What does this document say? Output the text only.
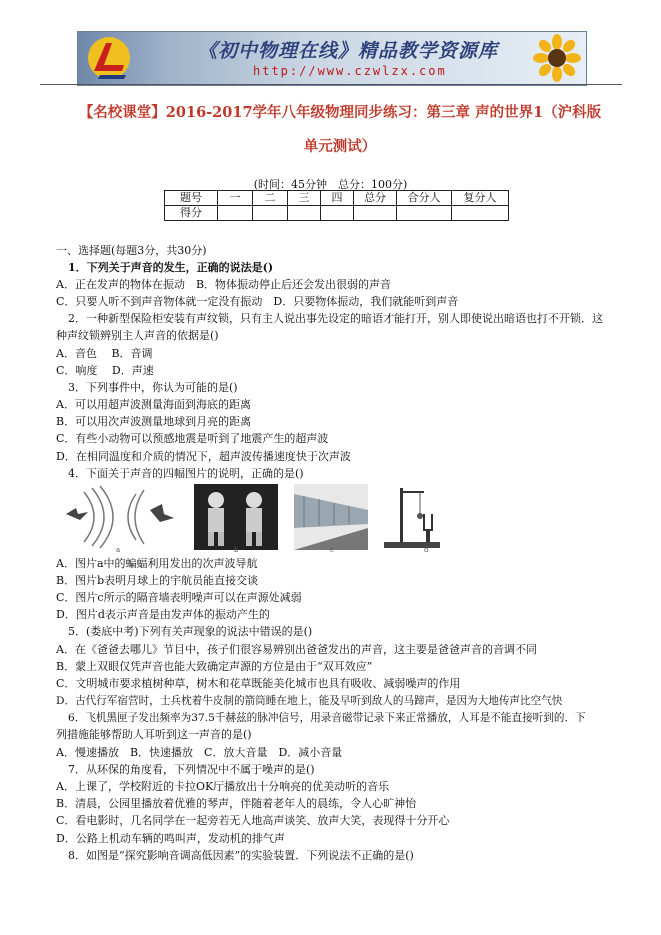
《初中物理在线》精品教学资源库
http://www.czwlzx.com
【名校课堂】2016-2017学年八年级物理同步练习：第三章 声的世界1（沪科版
单元测试）
(时间：45分钟　总分：100分)
题号	一	二	三	四	总分	合分人	复分人
得分							
一、选择题(每题3分，共30分)
1．下列关于声音的发生，正确的说法是()
A．正在发声的物体在振动　B．物体振动停止后还会发出很弱的声音
C．只要人听不到声音物体就一定没有振动　D．只要物体振动，我们就能听到声音
2．一种新型保险柜安装有声纹锁，只有主人说出事先设定的暗语才能打开，别人即使说出暗语也打不开锁．这
种声纹锁辨别主人声音的依据是()
A．音色　 B．音调
C．响度　 D．声速
3．下列事件中，你认为可能的是()
A．可以用超声波测量海面到海底的距离
B．可以用次声波测量地球到月亮的距离
C．有些小动物可以预感地震是听到了地震产生的超声波
D．在相同温度和介质的情况下，超声波传播速度快于次声波
4．下面关于声音的四幅图片的说明，正确的是()
a	b	c	d
A．图片a中的蝙蝠利用发出的次声波导航
B．图片b表明月球上的宇航员能直接交谈
C．图片c所示的隔音墙表明噪声可以在声源处减弱
D．图片d表示声音是由发声体的振动产生的
5．(娄底中考)下列有关声现象的说法中错误的是()
A．在《爸爸去哪儿》节目中，孩子们很容易辨别出爸爸发出的声音，这主要是爸爸声音的音调不同
B．蒙上双眼仅凭声音也能大致确定声源的方位是由于“双耳效应”
C．文明城市要求植树种草，树木和花草既能美化城市也具有吸收、减弱噪声的作用
D．古代行军宿营时，士兵枕着牛皮制的箭筒睡在地上，能及早听到敌人的马蹄声，是因为大地传声比空气快
6．飞机黑匣子发出频率为37.5千赫兹的脉冲信号，用录音磁带记录下来正常播放，人耳是不能直接听到的．下
列措施能够帮助人耳听到这一声音的是()
A．慢速播放　B．快速播放　C．放大音量　D．减小音量
7．从环保的角度看，下列情况中不属于噪声的是()
A．上课了，学校附近的卡拉OK厅播放出十分响亮的优美动听的音乐
B．清晨，公园里播放着优雅的琴声，伴随着老年人的晨练，令人心旷神怡
C．看电影时，几名同学在一起旁若无人地高声谈笑、放声大笑，表现得十分开心
D．公路上机动车辆的鸣叫声，发动机的排气声
8．如图是“探究影响音调高低因素”的实验装置．下列说法不正确的是()
